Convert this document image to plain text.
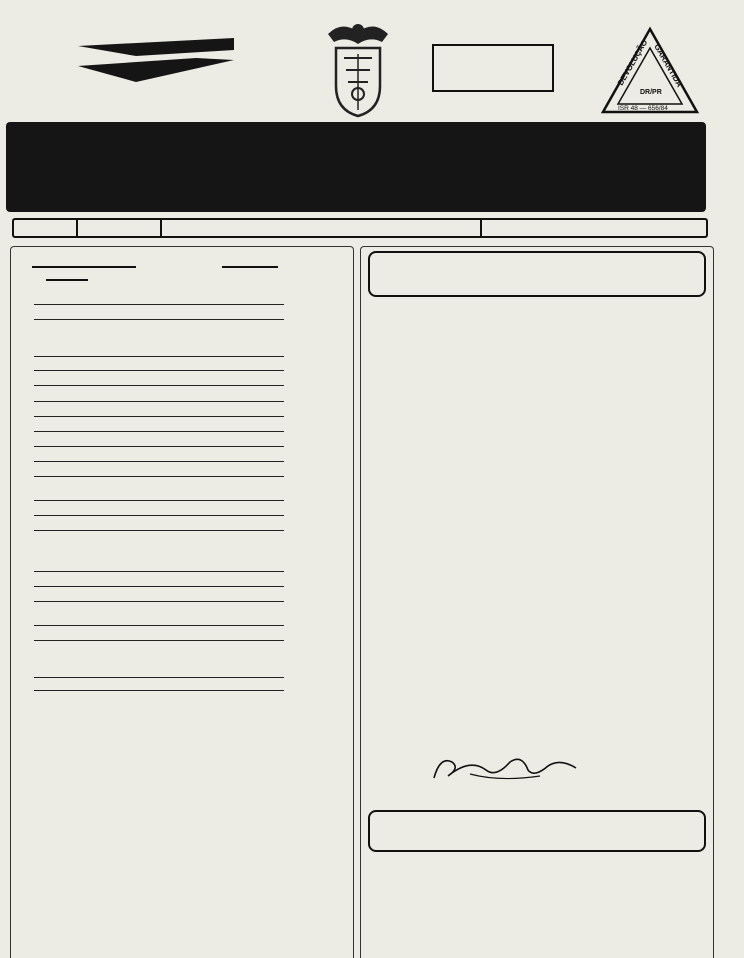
DEVOLUÇÃO GARANTIDA
DR/PR
ISR 48 — 656/84
